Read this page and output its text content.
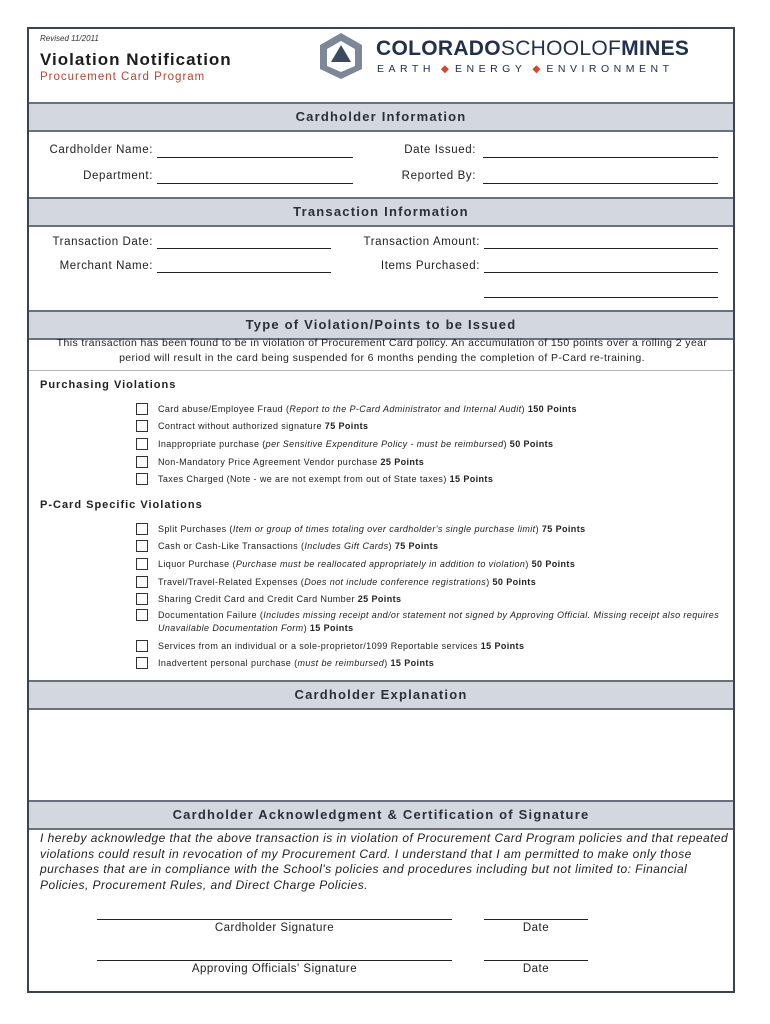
Revised 11/2011
Violation Notification
Procurement Card Program
COLORADOSCHOOLOFMINES
EARTH ◆ ENERGY ◆ ENVIRONMENT
Cardholder Information
Cardholder Name:	Date Issued:
Department:	Reported By:
Transaction Information
Transaction Date:	Transaction Amount:
Merchant Name:	Items Purchased:
Type of Violation/Points to be Issued
This transaction has been found to be in violation of Procurement Card policy. An accumulation of 150 points over a rolling 2 year
period will result in the card being suspended for 6 months pending the completion of P-Card re-training.
Purchasing Violations
Card abuse/Employee Fraud (Report to the P-Card Administrator and Internal Audit) 150 Points
Contract without authorized signature 75 Points
Inappropriate purchase (per Sensitive Expenditure Policy - must be reimbursed) 50 Points
Non-Mandatory Price Agreement Vendor purchase 25 Points
Taxes Charged (Note - we are not exempt from out of State taxes) 15 Points
P-Card Specific Violations
Split Purchases (Item or group of times totaling over cardholder's single purchase limit) 75 Points
Cash or Cash-Like Transactions (Includes Gift Cards) 75 Points
Liquor Purchase (Purchase must be reallocated appropriately in addition to violation) 50 Points
Travel/Travel-Related Expenses (Does not include conference registrations) 50 Points
Sharing Credit Card and Credit Card Number 25 Points
Documentation Failure (Includes missing receipt and/or statement not signed by Approving Official. Missing receipt also requires Unavailable Documentation Form) 15 Points
Services from an individual or a sole-proprietor/1099 Reportable services 15 Points
Inadvertent personal purchase (must be reimbursed) 15 Points
Cardholder Explanation
Cardholder Acknowledgment & Certification of Signature
I hereby acknowledge that the above transaction is in violation of Procurement Card Program policies and that repeated violations could result in revocation of my Procurement Card. I understand that I am permitted to make only those purchases that are in compliance with the School's policies and procedures including but not limited to: Financial Policies, Procurement Rules, and Direct Charge Policies.
Cardholder Signature	Date
Approving Officials' Signature	Date
